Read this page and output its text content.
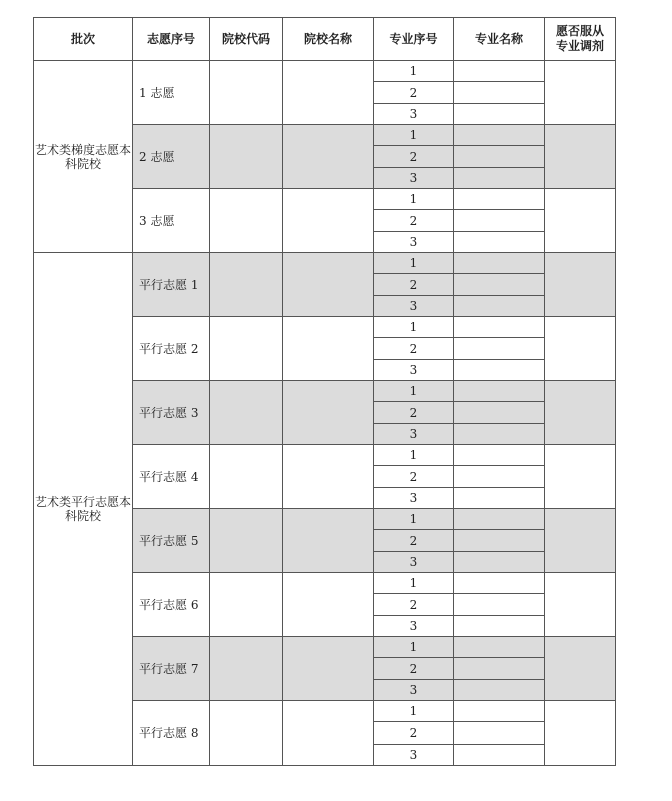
批次	志愿序号	院校代码	院校名称	专业序号	专业名称	愿否服从
专业调剂

艺术类梯度志愿本科院校	1 志愿			1		
				2		
				3		
	2 志愿			1		
				2		
				3		
	3 志愿			1		
				2		
				3		
艺术类平行志愿本科院校	平行志愿 1			1		
				2		
				3		
	平行志愿 2			1		
				2		
				3		
	平行志愿 3			1		
				2		
				3		
	平行志愿 4			1		
				2		
				3		
	平行志愿 5			1		
				2		
				3		
	平行志愿 6			1		
				2		
				3		
	平行志愿 7			1		
				2		
				3		
	平行志愿 8			1		
				2		
				3		
